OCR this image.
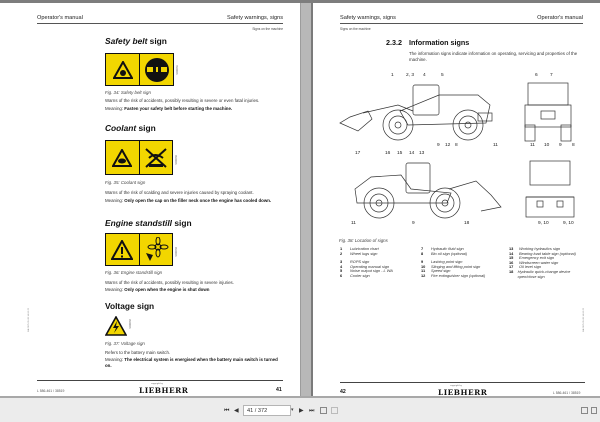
Operator's manual	Safety warnings, signs
Signs on the machine
Safety belt sign
S000761
Fig. 34: Safety belt sign
Warns of the risk of accidents, possibly resulting in severe or even fatal injuries.
Meaning: Fasten your safety belt before starting the machine.
Coolant sign
S000762
Fig. 35: Coolant sign
Warns of the risk of scalding and severe injuries caused by spraying coolant.
Meaning: Only open the cap on the filler neck once the engine has cooled down.
Engine standstill sign
S000763
Fig. 36: Engine standstill sign
Warns of the risk of accidents, possibly resulting in severe injuries.
Meaning: Only open when the engine is shut down
Voltage sign
S000764
Fig. 37: Voltage sign
Refers to the battery main switch.
Meaning: The electrical system is energised when the battery main switch is turned on.
BA 2025-05-08 14:00:22
L 586-461 / 38519
copyright by
LIEBHERR	41
Safety warnings, signs	Operator's manual
Signs on the machine
2.3.2 Information signs
The information signs indicate information on operating, servicing and properties of the machine.
1	2, 3 4	5	6	7
9 12 8	11	11 10 9 8
17	16 15 14 13
11	9	18	9, 10	9, 10
Fig. 38: Location of signs
1	Lubrication chart
2	Wheel lugs sign
3	ROPS sign
4	Operating manual sign
5	Noise output sign - L WA
6	Cooler sign
7	Hydraulic fluid sign
8	Bio oil sign (optional)
9	Lashing point sign
10	Slinging and lifting point sign
11	Speed sign
12	Fire extinguisher sign (optional)
13	Working hydraulics sign
14	Bearing load table sign (optional)
15	Emergency exit sign
16	Windscreen water sign
17	Oil level sign
18	Hydraulic quick-change device open/close sign
BA 2025-05-08 14:00:22
42
copyright by
LIEBHERR	L 586-461 / 38519
⏮ ◀	41 / 372	▾ ▶ ⏭
